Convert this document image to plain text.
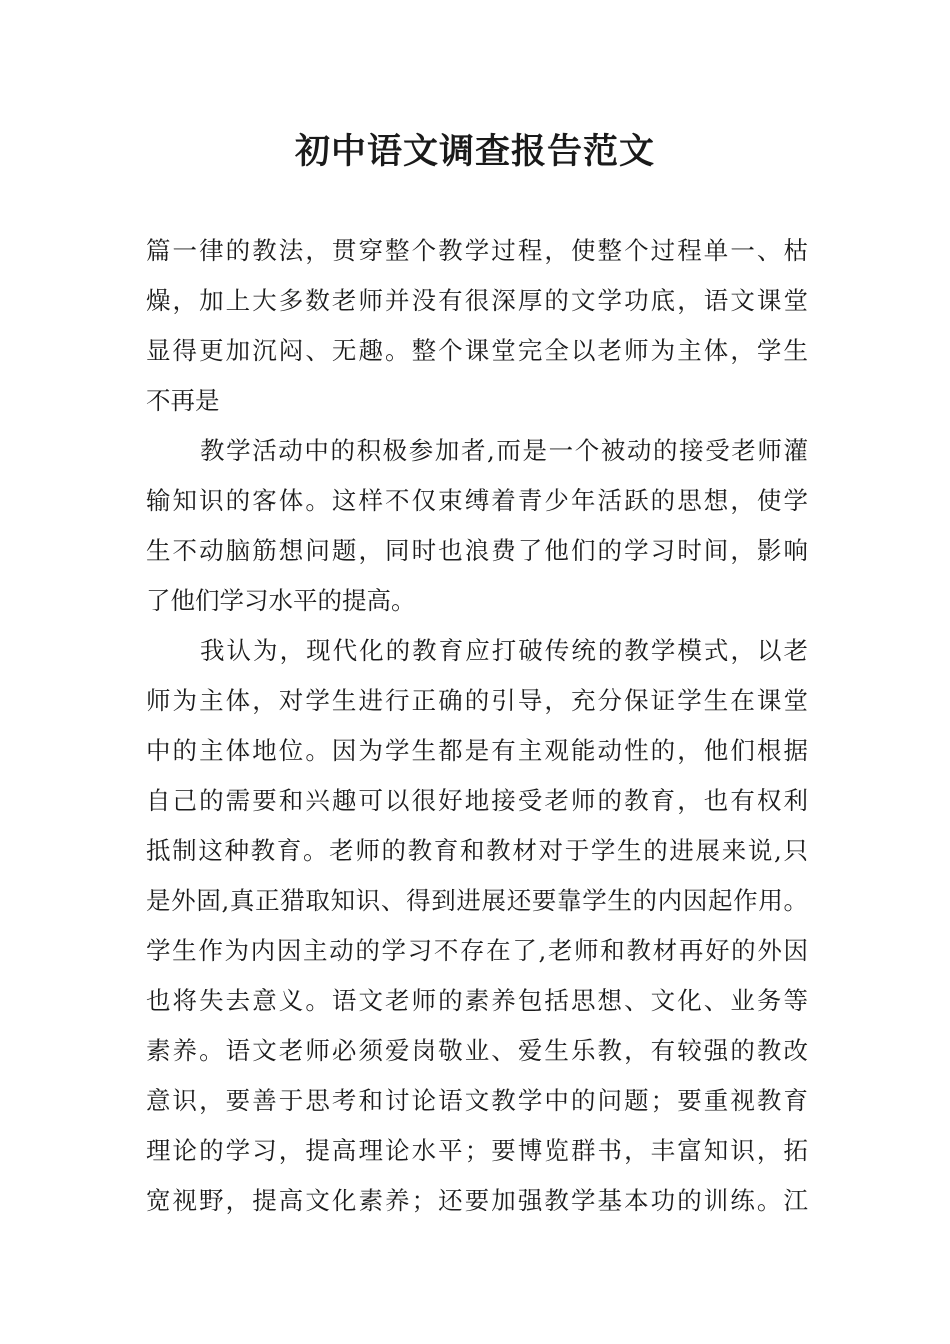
初中语文调查报告范文
篇一律的教法，贯穿整个教学过程，使整个过程单一、枯
燥，加上大多数老师并没有很深厚的文学功底，语文课堂
显得更加沉闷、无趣。整个课堂完全以老师为主体，学生
不再是
教学活动中的积极参加者,而是一个被动的接受老师灌
输知识的客体。这样不仅束缚着青少年活跃的思想，使学
生不动脑筋想问题，同时也浪费了他们的学习时间，影响
了他们学习水平的提高。
我认为，现代化的教育应打破传统的教学模式，以老
师为主体，对学生进行正确的引导，充分保证学生在课堂
中的主体地位。因为学生都是有主观能动性的，他们根据
自己的需要和兴趣可以很好地接受老师的教育，也有权利
抵制这种教育。老师的教育和教材对于学生的进展来说,只
是外固,真正猎取知识、得到进展还要靠学生的内因起作用。
学生作为内因主动的学习不存在了,老师和教材再好的外因
也将失去意义。语文老师的素养包括思想、文化、业务等
素养。语文老师必须爱岗敬业、爱生乐教，有较强的教改
意识，要善于思考和讨论语文教学中的问题；要重视教育
理论的学习，提高理论水平；要博览群书，丰富知识，拓
宽视野，提高文化素养；还要加强教学基本功的训练。江
